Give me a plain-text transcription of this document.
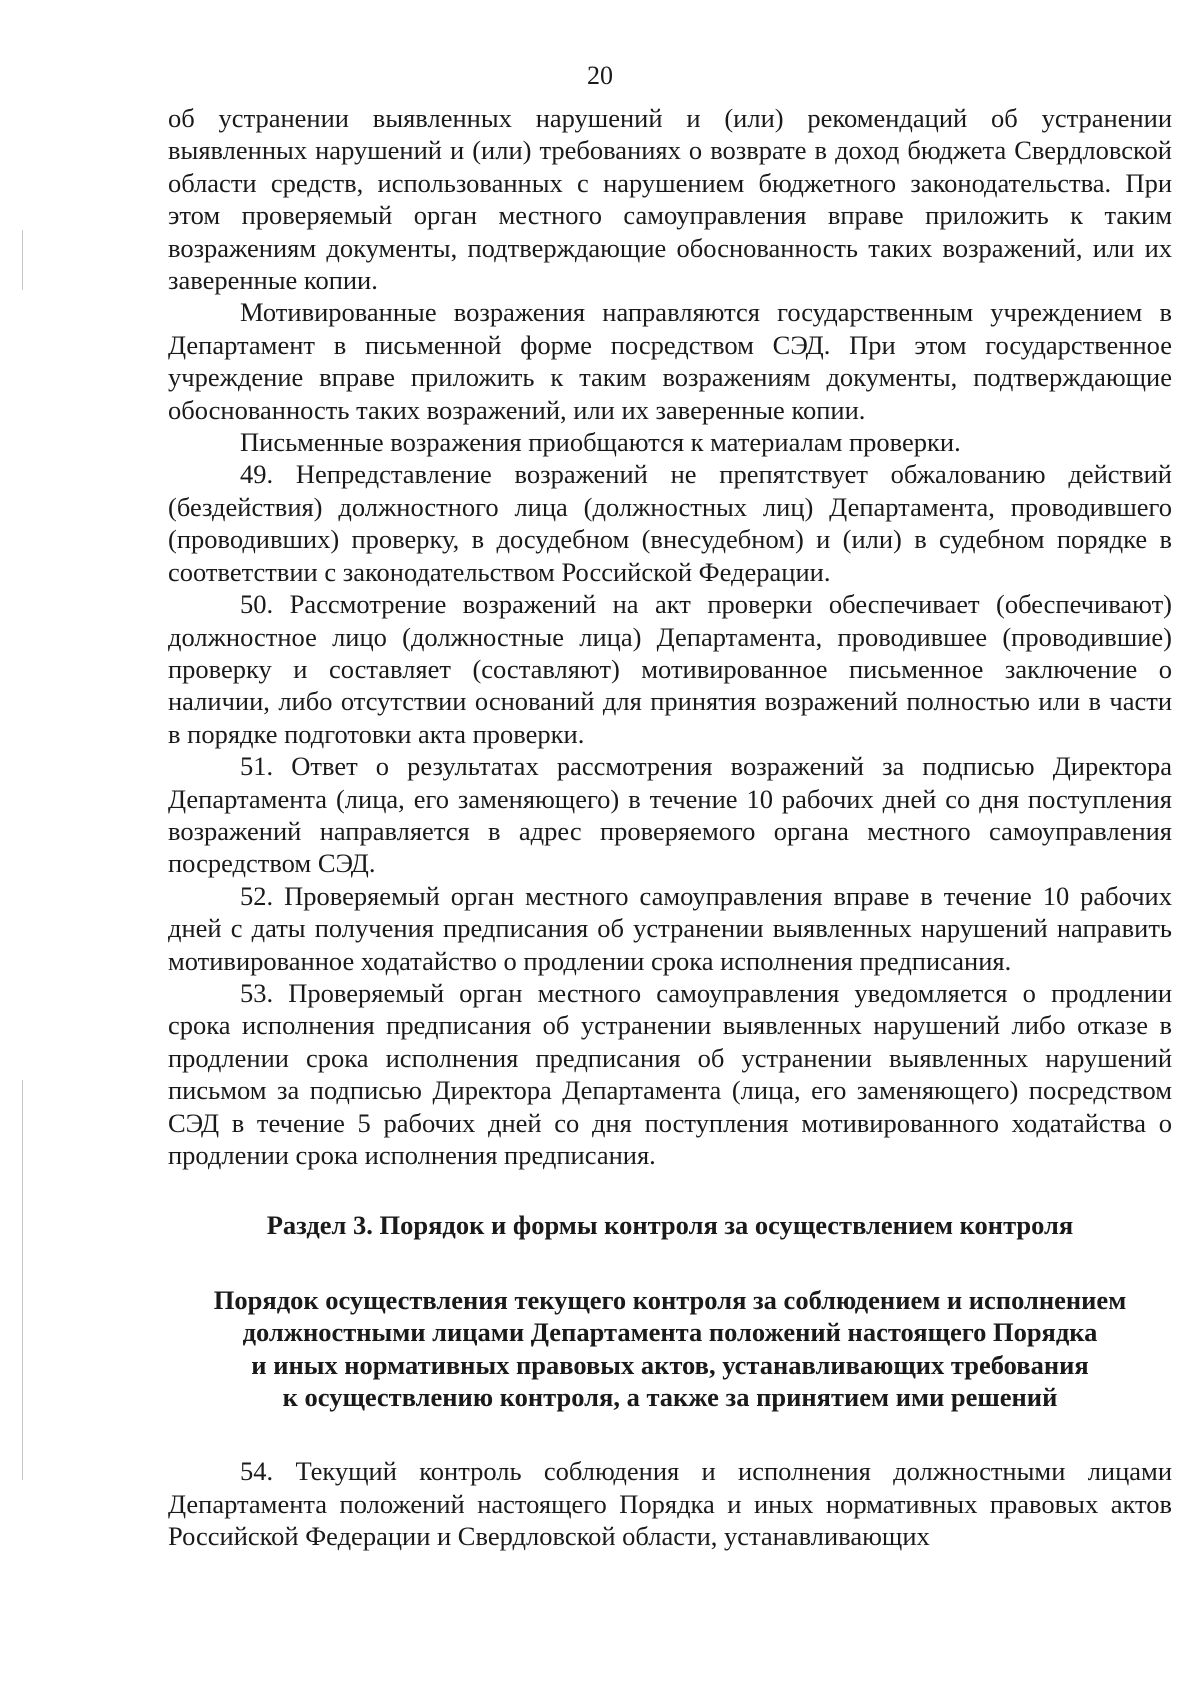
20

об устранении выявленных нарушений и (или) рекомендаций об устранении выявленных нарушений и (или) требованиях о возврате в доход бюджета Свердловской области средств, использованных с нарушением бюджетного законодательства. При этом проверяемый орган местного самоуправления вправе приложить к таким возражениям документы, подтверждающие обоснованность таких возражений, или их заверенные копии.

Мотивированные возражения направляются государственным учреждением в Департамент в письменной форме посредством СЭД. При этом государственное учреждение вправе приложить к таким возражениям документы, подтверждающие обоснованность таких возражений, или их заверенные копии.

Письменные возражения приобщаются к материалам проверки.

49. Непредставление возражений не препятствует обжалованию действий (бездействия) должностного лица (должностных лиц) Департамента, проводившего (проводивших) проверку, в досудебном (внесудебном) и (или) в судебном порядке в соответствии с законодательством Российской Федерации.

50. Рассмотрение возражений на акт проверки обеспечивает (обеспечивают) должностное лицо (должностные лица) Департамента, проводившее (проводившие) проверку и составляет (составляют) мотивированное письменное заключение о наличии, либо отсутствии оснований для принятия возражений полностью или в части в порядке подготовки акта проверки.

51. Ответ о результатах рассмотрения возражений за подписью Директора Департамента (лица, его заменяющего) в течение 10 рабочих дней со дня поступления возражений направляется в адрес проверяемого органа местного самоуправления посредством СЭД.

52. Проверяемый орган местного самоуправления вправе в течение 10 рабочих дней с даты получения предписания об устранении выявленных нарушений направить мотивированное ходатайство о продлении срока исполнения предписания.

53. Проверяемый орган местного самоуправления уведомляется о продлении срока исполнения предписания об устранении выявленных нарушений либо отказе в продлении срока исполнения предписания об устранении выявленных нарушений письмом за подписью Директора Департамента (лица, его заменяющего) посредством СЭД в течение 5 рабочих дней со дня поступления мотивированного ходатайства о продлении срока исполнения предписания.

Раздел 3. Порядок и формы контроля за осуществлением контроля
Порядок осуществления текущего контроля за соблюдением и исполнением
должностными лицами Департамента положений настоящего Порядка
и иных нормативных правовых актов, устанавливающих требования
к осуществлению контроля, а также за принятием ими решений

54. Текущий контроль соблюдения и исполнения должностными лицами Департамента положений настоящего Порядка и иных нормативных правовых актов Российской Федерации и Свердловской области, устанавливающих
